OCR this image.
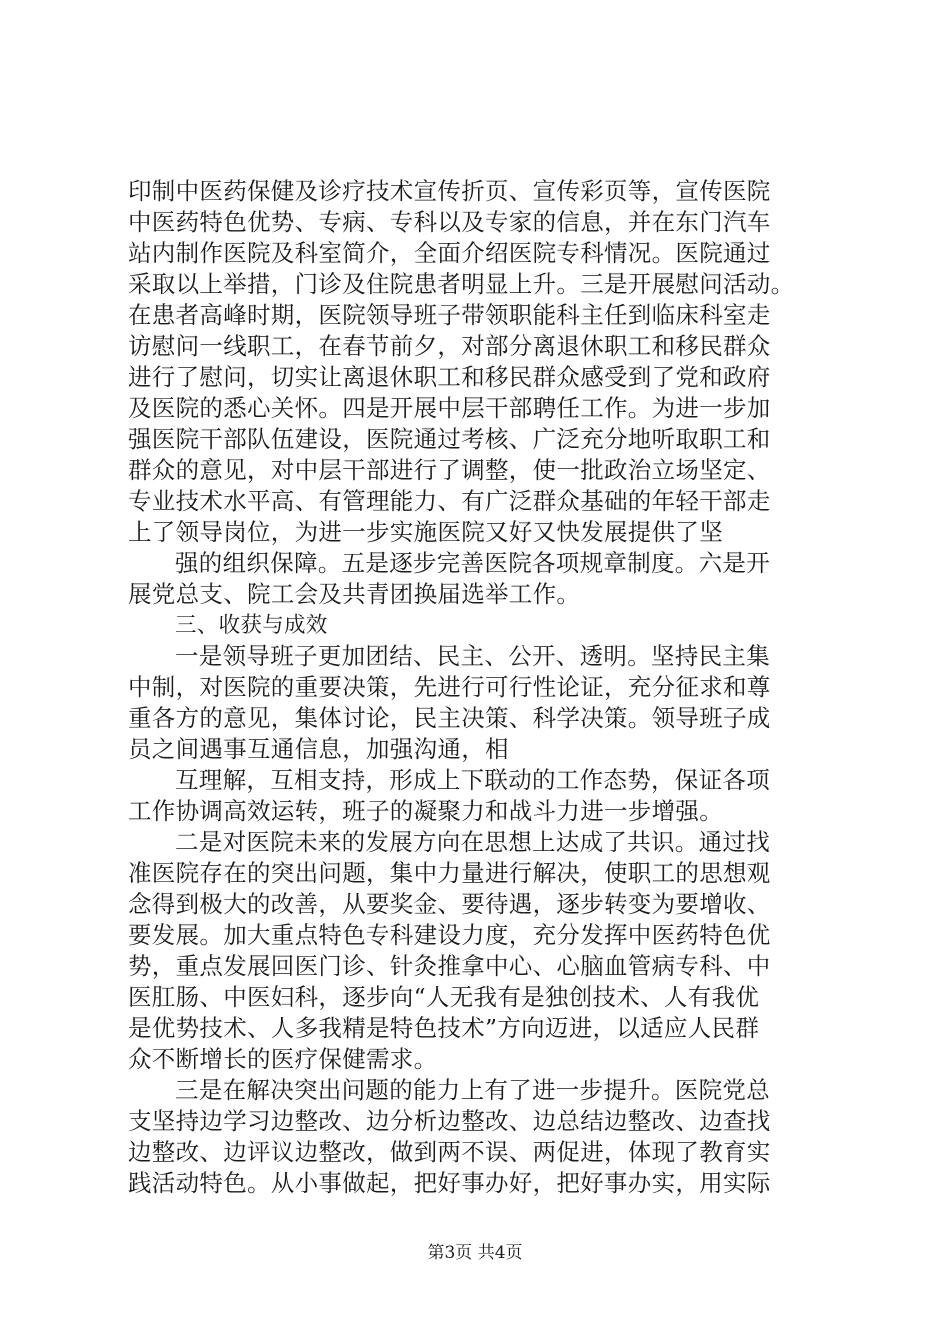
印制中医药保健及诊疗技术宣传折页、宣传彩页等，宣传医院
中医药特色优势、专病、专科以及专家的信息，并在东门汽车
站内制作医院及科室简介，全面介绍医院专科情况。医院通过
采取以上举措，门诊及住院患者明显上升。三是开展慰问活动。
在患者高峰时期，医院领导班子带领职能科主任到临床科室走
访慰问一线职工，在春节前夕，对部分离退休职工和移民群众
进行了慰问，切实让离退休职工和移民群众感受到了党和政府
及医院的悉心关怀。四是开展中层干部聘任工作。为进一步加
强医院干部队伍建设，医院通过考核、广泛充分地听取职工和
群众的意见，对中层干部进行了调整，使一批政治立场坚定、
专业技术水平高、有管理能力、有广泛群众基础的年轻干部走
上了领导岗位，为进一步实施医院又好又快发展提供了坚
强的组织保障。五是逐步完善医院各项规章制度。六是开
展党总支、院工会及共青团换届选举工作。
三、收获与成效
一是领导班子更加团结、民主、公开、透明。坚持民主集
中制，对医院的重要决策，先进行可行性论证，充分征求和尊
重各方的意见，集体讨论，民主决策、科学决策。领导班子成
员之间遇事互通信息，加强沟通，相
互理解，互相支持，形成上下联动的工作态势，保证各项
工作协调高效运转，班子的凝聚力和战斗力进一步增强。
二是对医院未来的发展方向在思想上达成了共识。通过找
准医院存在的突出问题，集中力量进行解决，使职工的思想观
念得到极大的改善，从要奖金、要待遇，逐步转变为要增收、
要发展。加大重点特色专科建设力度，充分发挥中医药特色优
势，重点发展回医门诊、针灸推拿中心、心脑血管病专科、中
医肛肠、中医妇科，逐步向“人无我有是独创技术、人有我优
是优势技术、人多我精是特色技术”方向迈进，以适应人民群
众不断增长的医疗保健需求。
三是在解决突出问题的能力上有了进一步提升。医院党总
支坚持边学习边整改、边分析边整改、边总结边整改、边查找
边整改、边评议边整改，做到两不误、两促进，体现了教育实
践活动特色。从小事做起，把好事办好，把好事办实，用实际
第3页 共4页
